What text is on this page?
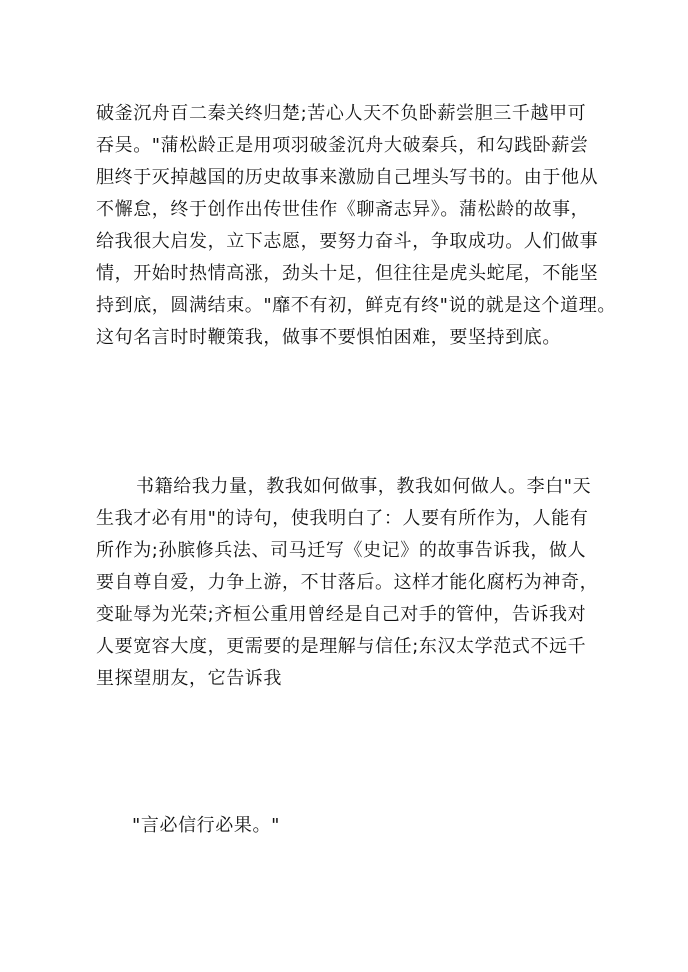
破釜沉舟百二秦关终归楚;苦心人天不负卧薪尝胆三千越甲可
吞吴。"蒲松龄正是用项羽破釜沉舟大破秦兵，和勾践卧薪尝
胆终于灭掉越国的历史故事来激励自己埋头写书的。由于他从
不懈怠，终于创作出传世佳作《聊斋志异》。蒲松龄的故事，
给我很大启发，立下志愿，要努力奋斗，争取成功。人们做事
情，开始时热情高涨，劲头十足，但往往是虎头蛇尾，不能坚
持到底，圆满结束。"靡不有初，鲜克有终"说的就是这个道理。
这句名言时时鞭策我，做事不要惧怕困难，要坚持到底。
书籍给我力量，教我如何做事，教我如何做人。李白"天
生我才必有用"的诗句，使我明白了：人要有所作为，人能有
所作为;孙膑修兵法、司马迁写《史记》的故事告诉我，做人
要自尊自爱，力争上游，不甘落后。这样才能化腐朽为神奇，
变耻辱为光荣;齐桓公重用曾经是自己对手的管仲，告诉我对
人要宽容大度，更需要的是理解与信任;东汉太学范式不远千
里探望朋友，它告诉我
"言必信行必果。"
